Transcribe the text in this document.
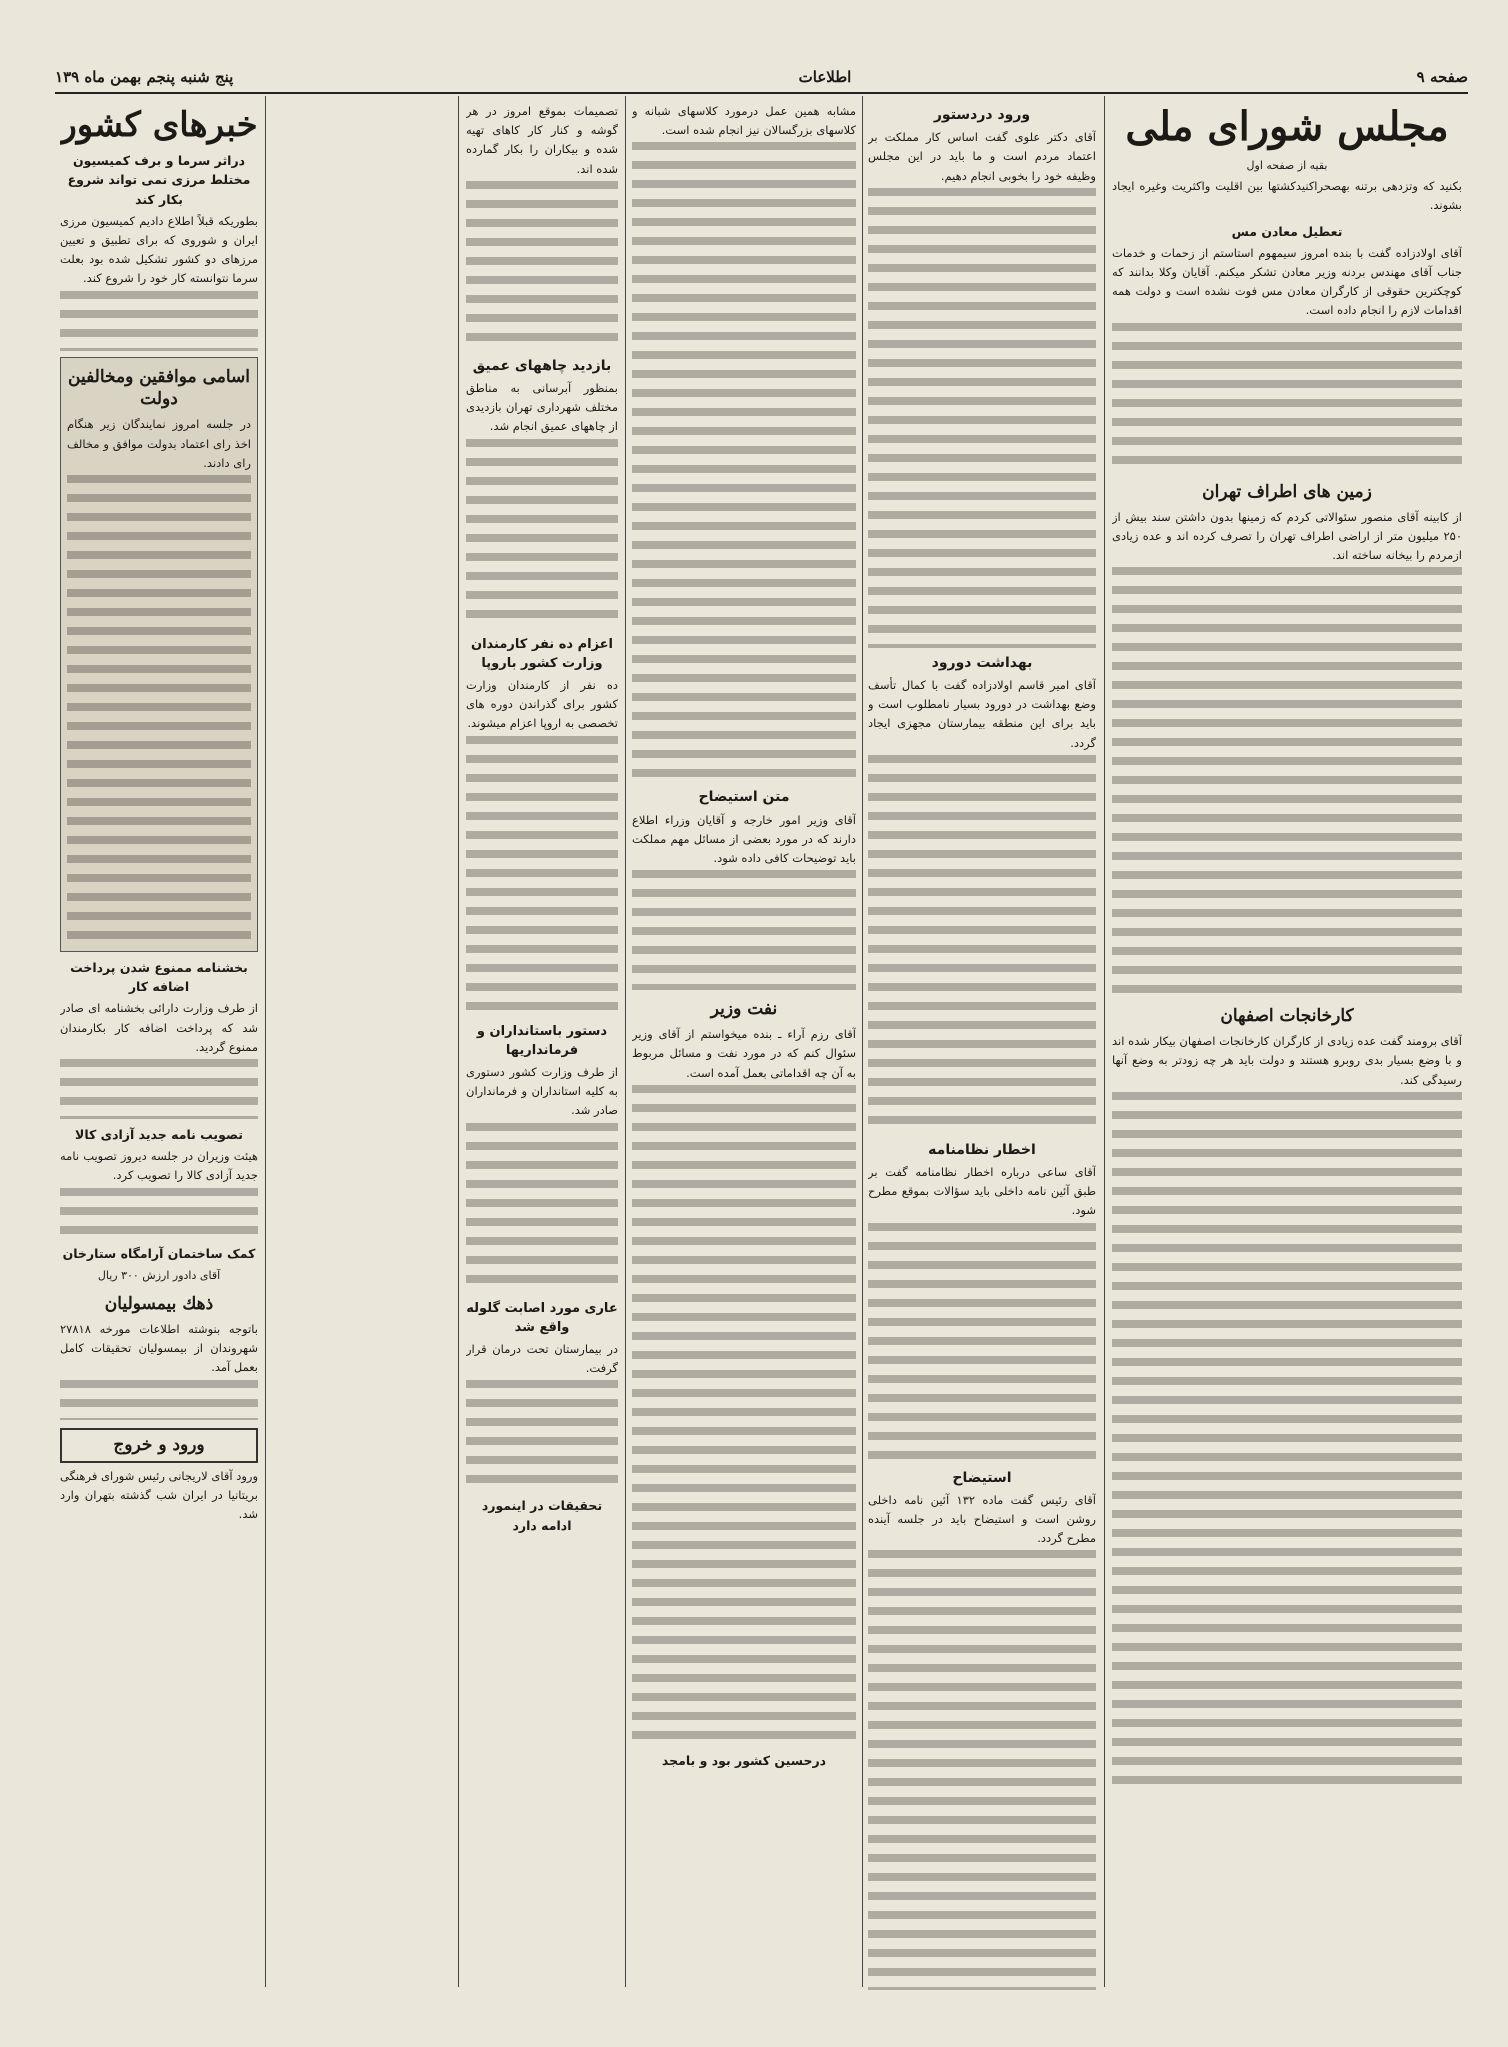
صفحه ۹
اطلاعات
پنج شنبه پنجم بهمن ماه ۱۳۹
مجلس شورای ملی
بقیه از صفحه اول

بکنید که وتزدهی برتنه بهصحراکنیدکشتها بین اقلیت واکثریت وغیره ایجاد بشوند.

تعطیل معادن مس

آقای اولادزاده گفت با بنده امروز سیمهوم استاستم از زحمات و خدمات جناب آقای مهندس بردنه وزیر معادن تشکر میکنم. آقایان وکلا بدانند که کوچکترین حقوقی از کارگران معادن مس فوت نشده است و دولت همه اقدامات لازم را انجام داده است.

زمین های اطراف تهران

از کابینه آقای منصور سئوالاتی کردم که زمینها بدون داشتن سند بیش از ۲۵۰ میلیون متر از اراضی اطراف تهران را تصرف کرده اند و عده زیادی ازمردم را بیخانه ساخته اند.

کارخانجات اصفهان

آقای برومند گفت عده زیادی از کارگران کارخانجات اصفهان بیکار شده اند و با وضع بسیار بدی روبرو هستند و دولت باید هر چه زودتر به وضع آنها رسیدگی کند.

ورود دردستور

آقای دکتر علوی گفت اساس کار مملکت بر اعتماد مردم است و ما باید در این مجلس وظیفه خود را بخوبی انجام دهیم.

بهداشت دورود

آقای امیر قاسم اولادزاده گفت با کمال تأسف وضع بهداشت در دورود بسیار نامطلوب است و باید برای این منطقه بیمارستان مجهزی ایجاد گردد.

اخطار نظامنامه

آقای ساعی درباره اخطار نظامنامه گفت بر طبق آئین نامه داخلی باید سؤالات بموقع مطرح شود.

استیضاح

آقای رئیس گفت ماده ۱۳۲ آئین نامه داخلی روشن است و استیضاح باید در جلسه آینده مطرح گردد.

مشابه همین عمل درمورد کلاسهای شبانه و کلاسهای بزرگسالان نیز انجام شده است.

متن استیضاح

آقای وزیر امور خارجه و آقایان وزراء اطلاع دارند که در مورد بعضی از مسائل مهم مملکت باید توضیحات کافی داده شود.

نفت وزیر

آقای رزم آراء ـ بنده میخواستم از آقای وزیر سئوال کنم که در مورد نفت و مسائل مربوط به آن چه اقداماتی بعمل آمده است.

درحسین کشور بود و بامجد

تصمیمات بموقع امروز در هر گوشه و کنار کار کاهای تهیه شده و بیکاران را بکار گمارده شده اند.

بازدید چاههای عمیق

بمنظور آبرسانی به مناطق مختلف شهرداری تهران بازدیدی از چاههای عمیق انجام شد.

اعزام ده نفر کارمندان وزارت کشور باروپا

ده نفر از کارمندان وزارت کشور برای گذراندن دوره های تخصصی به اروپا اعزام میشوند.

دستور باستانداران و فرمانداریها

از طرف وزارت کشور دستوری به کلیه استانداران و فرمانداران صادر شد.

عاری مورد اصابت گلوله واقع شد

در بیمارستان تحت درمان قرار گرفت.

تحقیقات در اینمورد ادامه دارد
خبرهای کشور
دراثر سرما و برف کمیسیون مختلط مرزی نمی تواند شروع بکار کند

بطوریکه قبلاً اطلاع دادیم کمیسیون مرزی ایران و شوروی که برای تطبیق و تعیین مرزهای دو کشور تشکیل شده بود بعلت سرما نتوانسته کار خود را شروع کند.

اسامی موافقین ومخالفین دولت

در جلسه امروز نمایندگان زیر هنگام اخذ رای اعتماد بدولت موافق و مخالف رای دادند.

بخشنامه ممنوع شدن پرداخت اضافه کار

از طرف وزارت دارائی بخشنامه ای صادر شد که پرداخت اضافه کار بکارمندان ممنوع گردید.

تصویب نامه جدید آزادی کالا

هیئت وزیران در جلسه دیروز تصویب نامه جدید آزادی کالا را تصویب کرد.

کمک ساختمان آرامگاه ستارخان

آقای دادور ارزش ۳۰۰ ریال

ذهك بیمسولیان

باتوجه بنوشته اطلاعات مورخه ۲۷۸۱۸ شهروندان از بیمسولیان تحقیقات کامل بعمل آمد.

ورود و خروج

ورود آقای لاریجانی رئیس شورای فرهنگی بریتانیا در ایران شب گذشته بتهران وارد شد.
